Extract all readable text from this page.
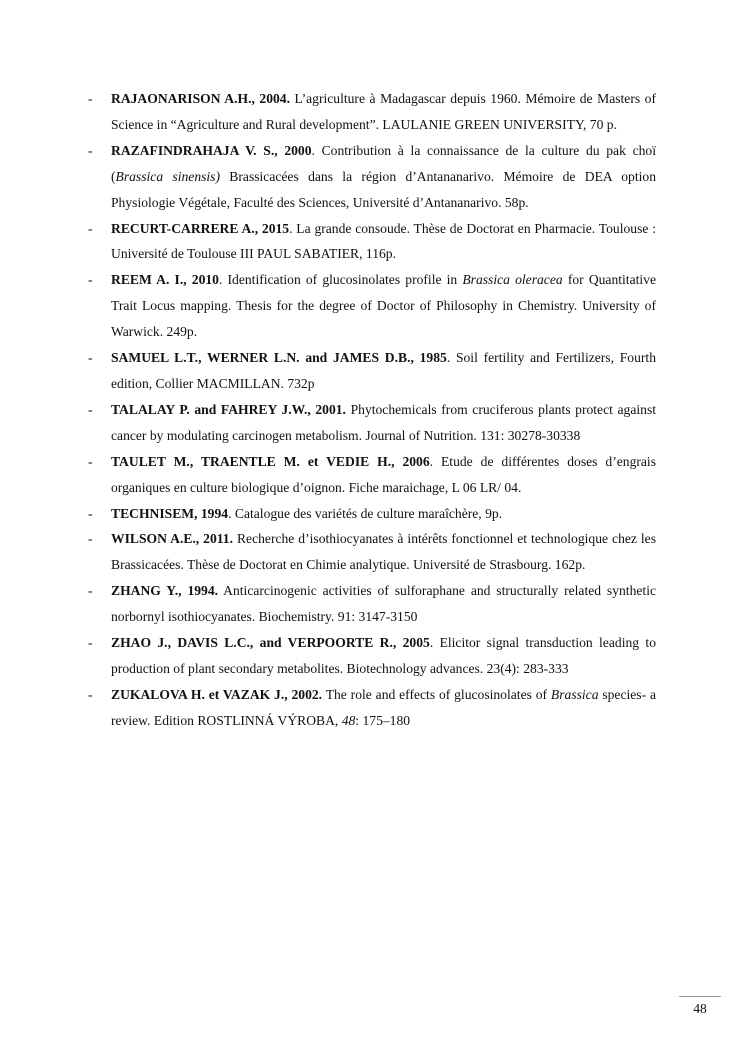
- RAJAONARISON A.H., 2004. L’agriculture à Madagascar depuis 1960. Mémoire de Masters of Science in “Agriculture and Rural development”. LAULANIE GREEN UNIVERSITY, 70 p.
- RAZAFINDRAHAJA V. S., 2000. Contribution à la connaissance de la culture du pak choï (Brassica sinensis) Brassicacées dans la région d’Antananarivo. Mémoire de DEA option Physiologie Végétale, Faculté des Sciences, Université d’Antananarivo. 58p.
- RECURT-CARRERE A., 2015. La grande consoude. Thèse de Doctorat en Pharmacie. Toulouse : Université de Toulouse III PAUL SABATIER, 116p.
- REEM A. I., 2010. Identification of glucosinolates profile in Brassica oleracea for Quantitative Trait Locus mapping. Thesis for the degree of Doctor of Philosophy in Chemistry. University of Warwick. 249p.
- SAMUEL L.T., WERNER L.N. and JAMES D.B., 1985. Soil fertility and Fertilizers, Fourth edition, Collier MACMILLAN. 732p
- TALALAY P. and FAHREY J.W., 2001. Phytochemicals from cruciferous plants protect against cancer by modulating carcinogen metabolism. Journal of Nutrition. 131: 30278-30338
- TAULET M., TRAENTLE M. et VEDIE H., 2006. Etude de différentes doses d’engrais organiques en culture biologique d’oignon. Fiche maraichage, L 06 LR/ 04.
- TECHNISEM, 1994. Catalogue des variétés de culture maraîchère, 9p.
- WILSON A.E., 2011. Recherche d’isothiocyanates à intérêts fonctionnel et technologique chez les Brassicacées. Thèse de Doctorat en Chimie analytique. Université de Strasbourg. 162p.
- ZHANG Y., 1994. Anticarcinogenic activities of sulforaphane and structurally related synthetic norbornyl isothiocyanates. Biochemistry. 91: 3147-3150
- ZHAO J., DAVIS L.C., and VERPOORTE R., 2005. Elicitor signal transduction leading to production of plant secondary metabolites. Biotechnology advances. 23(4): 283-333
- ZUKALOVA H. et VAZAK J., 2002. The role and effects of glucosinolates of Brassica species- a review. Edition ROSTLINNÁ VÝROBA, 48: 175–180
48
